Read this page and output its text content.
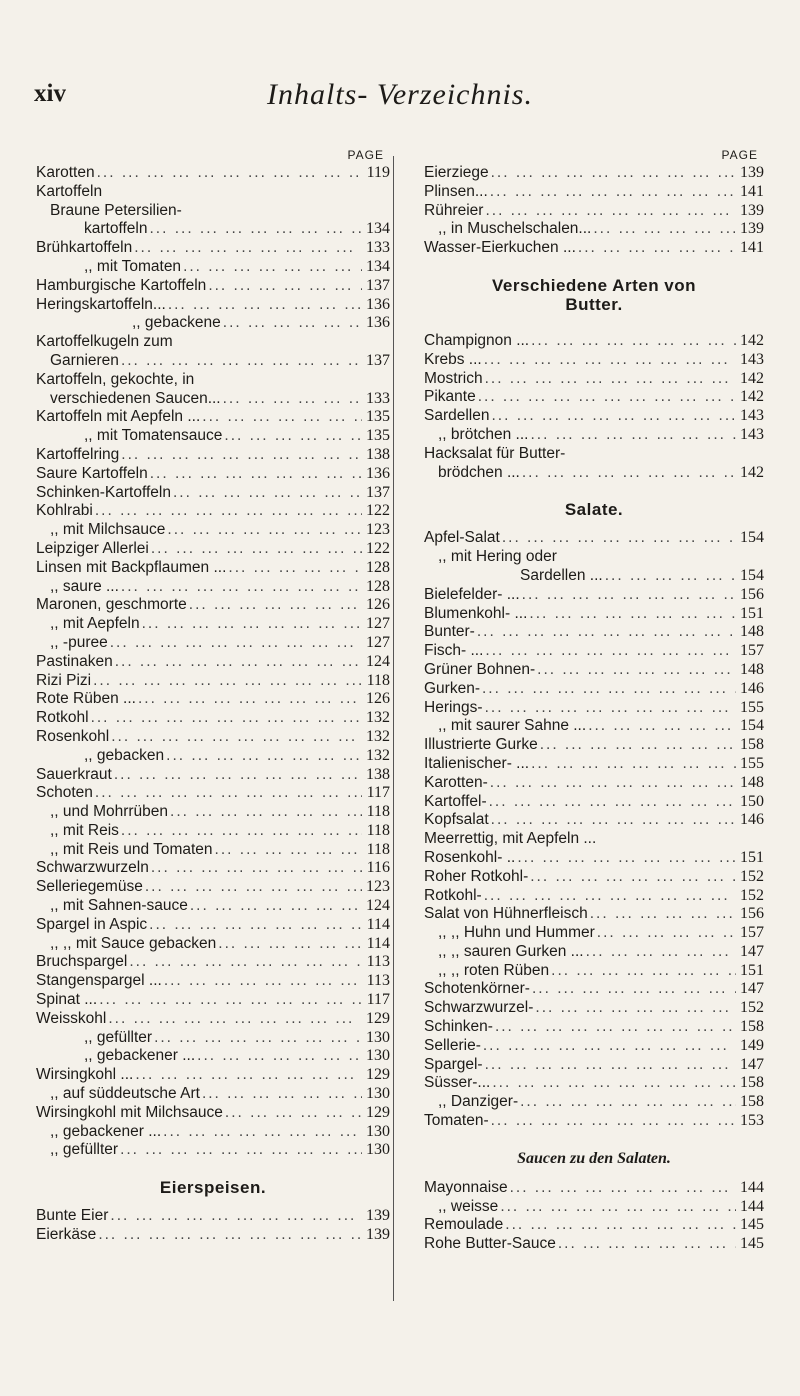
xiv	Inhalts- Verzeichnis.
PAGE
Karotten ... .	119
Kartoffeln
Braune Petersilien-
kartoffeln ... .	134
Brühkartoffeln ... .	133
,, mit Tomaten ... .	134
Hamburgische Kartoffeln ... .	137
Heringskartoffeln... ... .	136
,, gebackene ... .	136
Kartoffelkugeln zum
Garnieren ... .	137
Kartoffeln, gekochte, in
verschiedenen Saucen... ... .	133
Kartoffeln mit Aepfeln ... ... .	135
,, mit Tomatensauce ... .	135
Kartoffelring ... .	138
Saure Kartoffeln ... .	136
Schinken-Kartoffeln ... .	137
Kohlrabi ... .	122
,, mit Milchsauce ... .	123
Leipziger Allerlei ... .	122
Linsen mit Backpflaumen ... ... .	128
,, saure ... ... .	128
Maronen, geschmorte ... .	126
,, mit Aepfeln ... .	127
,, -puree ... .	127
Pastinaken ... .	124
Rizi Pizi ... .	118
Rote Rüben ... ... .	126
Rotkohl ... .	132
Rosenkohl ... .	132
,, gebacken ... .	132
Sauerkraut ... .	138
Schoten ... .	117
,, und Mohrrüben ... .	118
,, mit Reis ... .	118
,, mit Reis und Tomaten ... .	118
Schwarzwurzeln ... .	116
Selleriegemüse ... .	123
,, mit Sahnen-sauce ... .	124
Spargel in Aspic ... .	114
,, ,, mit Sauce gebacken ... .	114
Bruchspargel ... .	113
Stangenspargel ... ... .	113
Spinat ... ... .	117
Weisskohl ... .	129
,, gefüllter ... .	130
,, gebackener ... ... .	130
Wirsingkohl ... ... .	129
,, auf süddeutsche Art ... .	130
Wirsingkohl mit Milchsauce ... .	129
,, gebackener ... ... .	130
,, gefüllter ... .	130
Eierspeisen.
Bunte Eier ... .	139
Eierkäse ... .	139
PAGE
Eierziege ... .	139
Plinsen... ... .	141
Rühreier ... .	139
,, in Muschelschalen... ... .	139
Wasser-Eierkuchen ... ... .	141
Verschiedene Arten von
Butter.
Champignon ... ... .	142
Krebs ... ... .	143
Mostrich ... .	142
Pikante ... .	142
Sardellen ... .	143
,, brötchen ... ... .	143
Hacksalat für Butter-
brödchen ... ... .	142
Salate.
Apfel-Salat ... .	154
,, mit Hering oder
Sardellen ... ... .	154
Bielefelder- ... ... .	156
Blumenkohl- ... ... .	151
Bunter- ... .	148
Fisch- ... ... .	157
Grüner Bohnen- ... .	148
Gurken- ... .	146
Herings- ... .	155
,, mit saurer Sahne ... ... .	154
Illustrierte Gurke ... .	158
Italienischer- ... ... .	155
Karotten- ... .	148
Kartoffel- ... .	150
Kopfsalat ... .	146
Meerrettig, mit Aepfeln ...
Rosenkohl- .. ... .	151
Roher Rotkohl- ... .	152
Rotkohl- ... .	152
Salat von Hühnerfleisch ... .	156
,, ,, Huhn und Hummer ... .	157
,, ,, sauren Gurken ... ... .	147
,, ,, roten Rüben ... .	151
Schotenkörner- ... .	147
Schwarzwurzel- ... .	152
Schinken- ... .	158
Sellerie- ... .	149
Spargel- ... .	147
Süsser-... ... .	158
,, Danziger- ... .	158
Tomaten- ... .	153
Saucen zu den Salaten.
Mayonnaise ... .	144
,, weisse ... .	144
Remoulade ... .	145
Rohe Butter-Sauce ... .	145
